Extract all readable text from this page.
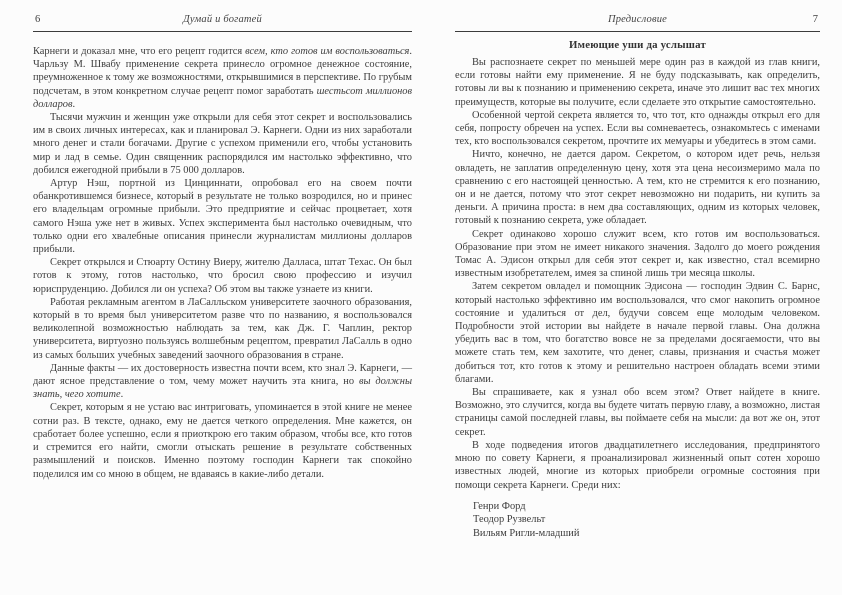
6	Думай и богатей

Карнеги и доказал мне, что его рецепт годится всем, кто готов им воспользоваться. Чарльзу М. Швабу применение секрета принесло огромное денежное состояние, преумноженное к тому же возможностями, открывшимися в перспективе. По грубым подсчетам, в этом конкретном случае рецепт помог заработать шестьсот миллионов долларов.

Тысячи мужчин и женщин уже открыли для себя этот секрет и воспользовались им в своих личных интересах, как и планировал Э. Карнеги. Одни из них заработали много денег и стали богачами. Другие с успехом применили его, чтобы установить мир и лад в семье. Один священник распорядился им настолько эффективно, что добился ежегодной прибыли в 75 000 долларов.

Артур Нэш, портной из Цинциннати, опробовал его на своем почти обанкротившемся бизнесе, который в результате не только возродился, но и принес его владельцам огромные прибыли. Это предприятие и сейчас процветает, хотя самого Нэша уже нет в живых. Успех эксперимента был настолько очевидным, что только одни его хвалебные описания принесли журналистам миллионы долларов прибыли.

Секрет открылся и Стюарту Остину Виеру, жителю Далласа, штат Техас. Он был готов к этому, готов настолько, что бросил свою профессию и изучил юриспруденцию. Добился ли он успеха? Об этом вы также узнаете из книги.

Работая рекламным агентом в ЛаСалльском университете заочного образования, который в то время был университетом разве что по названию, я воспользовался великолепной возможностью наблюдать за тем, как Дж. Г. Чаплин, ректор университета, виртуозно пользуясь волшебным рецептом, превратил ЛаСалль в одно из самых больших учебных заведений заочного образования в стране.

Данные факты — их достоверность известна почти всем, кто знал Э. Карнеги, — дают ясное представление о том, чему может научить эта книга, но вы должны знать, чего хотите.

Секрет, которым я не устаю вас интриговать, упоминается в этой книге не менее сотни раз. В тексте, однако, ему не дается четкого определения. Мне кажется, он сработает более успешно, если я приоткрою его таким образом, чтобы все, кто готов и стремится его найти, смогли отыскать решение в результате собственных размышлений и поисков. Именно поэтому господин Карнеги так спокойно поделился им со мною в общем, не вдаваясь в какие-либо детали.

Предисловие	7
Имеющие уши да услышат

Вы распознаете секрет по меньшей мере один раз в каждой из глав книги, если готовы найти ему применение. Я не буду подсказывать, как определить, готовы ли вы к познанию и применению секрета, иначе это лишит вас тех многих преимуществ, которые вы получите, если сделаете это открытие самостоятельно.

Особенной чертой секрета является то, что тот, кто однажды открыл его для себя, попросту обречен на успех. Если вы сомневаетесь, ознакомьтесь с именами тех, кто воспользовался секретом, прочтите их мемуары и убедитесь в этом сами.

Ничто, конечно, не дается даром. Секретом, о котором идет речь, нельзя овладеть, не заплатив определенную цену, хотя эта цена несоизмеримо мала по сравнению с его настоящей ценностью. А тем, кто не стремится к его познанию, он и не дается, потому что этот секрет невозможно ни подарить, ни купить за деньги. А причина проста: в нем два составляющих, одним из которых человек, готовый к познанию секрета, уже обладает.

Секрет одинаково хорошо служит всем, кто готов им воспользоваться. Образование при этом не имеет никакого значения. Задолго до моего рождения Томас А. Эдисон открыл для себя этот секрет и, как известно, стал всемирно известным изобретателем, имея за спиной лишь три месяца школы.

Затем секретом овладел и помощник Эдисона — господин Эдвин С. Барнс, который настолько эффективно им воспользовался, что смог накопить огромное состояние и удалиться от дел, будучи совсем еще молодым человеком. Подробности этой истории вы найдете в начале первой главы. Она должна убедить вас в том, что богатство вовсе не за пределами досягаемости, что вы можете стать тем, кем захотите, что денег, славы, признания и счастья может добиться тот, кто готов к этому и решительно настроен обладать всеми этими благами.

Вы спрашиваете, как я узнал обо всем этом? Ответ найдете в книге. Возможно, это случится, когда вы будете читать первую главу, а возможно, листая страницы самой последней главы, вы поймаете себя на мысли: да вот же он, этот секрет.

В ходе подведения итогов двадцатилетнего исследования, предпринятого мною по совету Карнеги, я проанализировал жизненный опыт сотен хорошо известных людей, многие из которых приобрели огромные состояния при помощи секрета Карнеги. Среди них:

Генри Форд
Теодор Рузвельт
Вильям Ригли-младший
